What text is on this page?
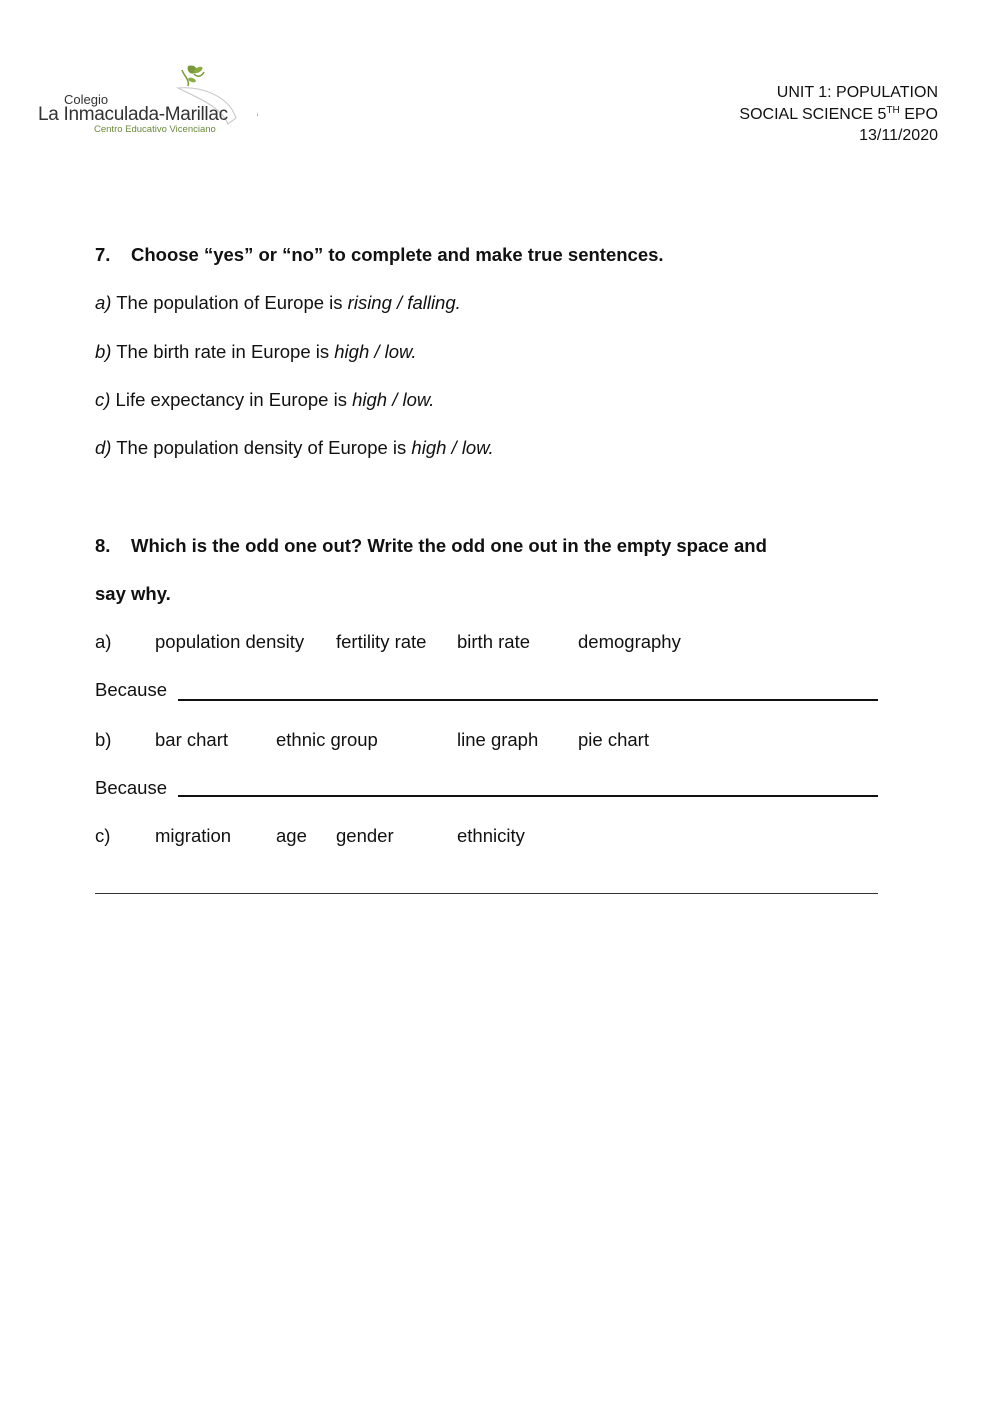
Colegio
La Inmaculada-Marillac
Centro Educativo Vicenciano
UNIT 1: POPULATION
SOCIAL SCIENCE 5TH EPO
13/11/2020
7. Choose “yes” or “no” to complete and make true sentences.
a) The population of Europe is rising / falling.
b) The birth rate in Europe is high / low.
c) Life expectancy in Europe is high / low.
d) The population density of Europe is high / low.
8. Which is the odd one out? Write the odd one out in the empty space and
say why.
a) population density fertility rate birth rate	demography
Because
b) bar chart	ethnic group	line graph pie chart
Because
c) migration age gender	ethnicity
